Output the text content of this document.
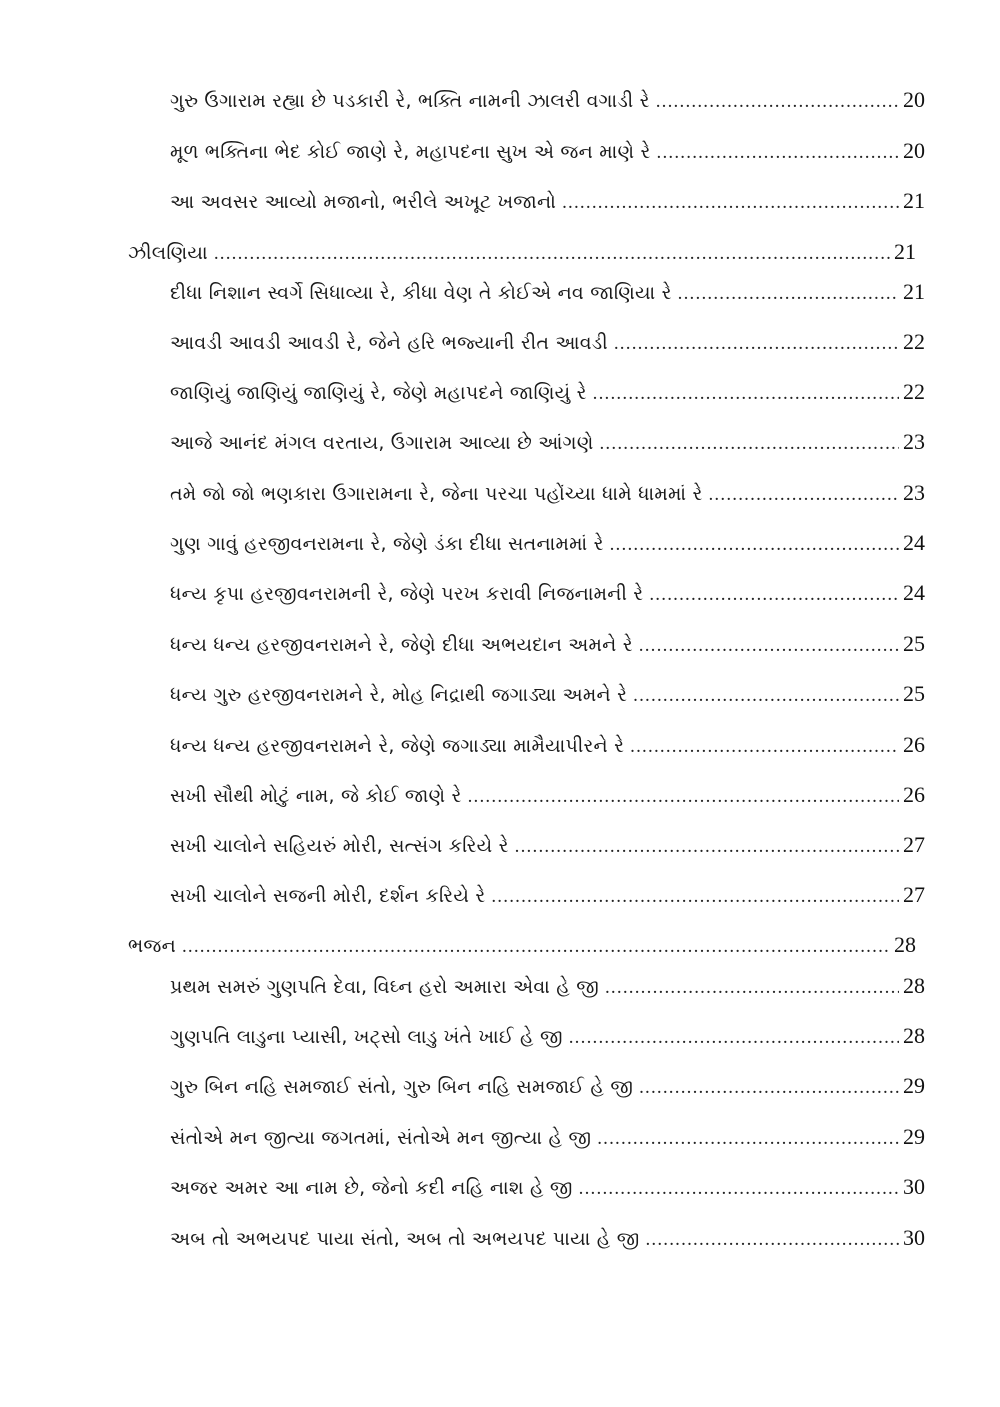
ગુરુ ઉગારામ રહ્યા છે પડકારી રે, ભક્તિ નામની ઝાલરી વગાડી રે .....	20
મૂળ ભક્તિના ભેદ કોઈ જાણે રે, મહાપદના સુખ એ જન માણે રે .....	20
આ અવસર આવ્યો મજાનો, ભરીલે અખૂટ ખજાનો .....	21
ઝીલણિયા .....	21
દીધા નિશાન સ્વર્ગે સિધાવ્યા રે, કીધા વેણ તે કોઈએ નવ જાણિયા રે .....	21
આવડી આવડી આવડી રે, જેને હરિ ભજ્યાની રીત આવડી .....	22
જાણિયું જાણિયું જાણિયું રે, જેણે મહાપદને જાણિયું રે .....	22
આજે આનંદ મંગલ વરતાય, ઉગારામ આવ્યા છે આંગણે .....	23
તમે જો જો ભણકારા ઉગારામના રે, જેના પરચા પહોંચ્યા ધામે ધામમાં રે .....	23
ગુણ ગાવું હરજીવનરામના રે, જેણે ડંકા દીધા સતનામમાં રે .....	24
ધન્ય કૃપા હરજીવનરામની રે, જેણે પરખ કરાવી નિજનામની રે .....	24
ધન્ય ધન્ય હરજીવનરામને રે, જેણે દીધા અભયદાન અમને રે .....	25
ધન્ય ગુરુ હરજીવનરામને રે, મોહ નિદ્રાથી જગાડ્યા અમને રે .....	25
ધન્ય ધન્ય હરજીવનરામને રે, જેણે જગાડ્યા મામૈયાપીરને રે .....	26
સખી સૌથી મોટું નામ, જે કોઈ જાણે રે .....	26
સખી ચાલોને સહિયરું મોરી, સત્સંગ કરિયે રે .....	27
સખી ચાલોને સજની મોરી, દર્શન કરિયે રે .....	27
ભજન .....	28
પ્રથમ સમરું ગુણપતિ દેવા, વિઘ્ન હરો અમારા એવા હે જી .....	28
ગુણપતિ લાડુના પ્યાસી, ખટ્સો લાડુ ખંતે ખાઈ હે જી .....	28
ગુરુ બિન નહિ સમજાઈ સંતો, ગુરુ બિન નહિ સમજાઈ હે જી .....	29
સંતોએ મન જીત્યા જગતમાં, સંતોએ મન જીત્યા હે જી .....	29
અજર અમર આ નામ છે, જેનો કદી નહિ નાશ હે જી .....	30
અબ તો અભયપદ પાયા સંતો, અબ તો અભયપદ પાયા હે જી .....	30
